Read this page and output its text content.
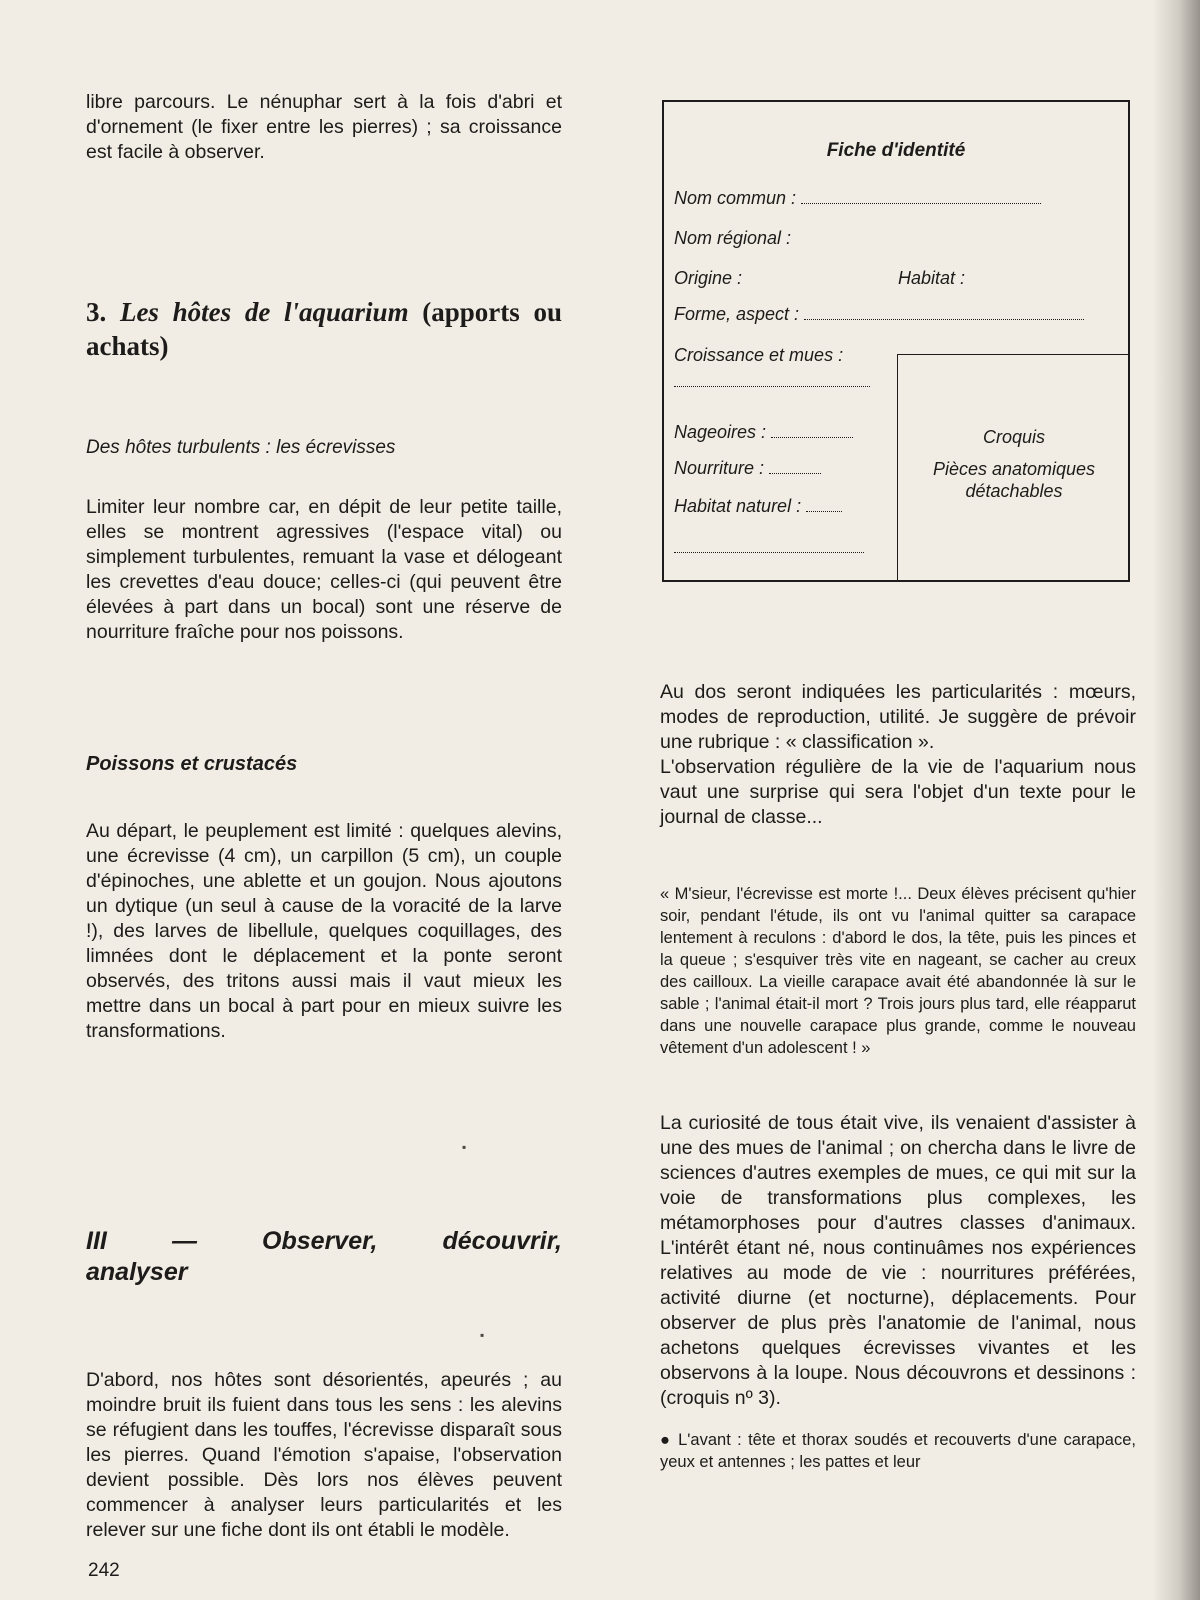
libre parcours. Le nénuphar sert à la fois d'abri et d'ornement (le fixer entre les pierres) ; sa croissance est facile à observer.

3. Les hôtes de l'aquarium (apports ou achats)

Des hôtes turbulents : les écrevisses

Limiter leur nombre car, en dépit de leur petite taille, elles se montrent agressives (l'espace vital) ou simplement turbulentes, remuant la vase et délogeant les crevettes d'eau douce; celles-ci (qui peuvent être élevées à part dans un bocal) sont une réserve de nourriture fraîche pour nos poissons.

Poissons et crustacés

Au départ, le peuplement est limité : quelques alevins, une écrevisse (4 cm), un carpillon (5 cm), un couple d'épinoches, une ablette et un goujon. Nous ajoutons un dytique (un seul à cause de la voracité de la larve !), des larves de libellule, quelques coquillages, des limnées dont le déplacement et la ponte seront observés, des tritons aussi mais il vaut mieux les mettre dans un bocal à part pour en mieux suivre les transformations.

III — Observer, découvrir,

analyser

D'abord, nos hôtes sont désorientés, apeurés ; au moindre bruit ils fuient dans tous les sens : les alevins se réfugient dans les touffes, l'écrevisse disparaît sous les pierres. Quand l'émotion s'apaise, l'observation devient possible. Dès lors nos élèves peuvent commencer à analyser leurs particularités et les relever sur une fiche dont ils ont établi le modèle.

242
Fiche d'identité
Nom commun :
Nom régional :
Origine :	Habitat :
Forme, aspect :
Croissance et mues :
Nageoires :
Nourriture :
Habitat naturel :
Croquis
Pièces anatomiques
détachables

Au dos seront indiquées les particularités : mœurs, modes de reproduction, utilité. Je suggère de prévoir une rubrique : « classification ».

L'observation régulière de la vie de l'aquarium nous vaut une surprise qui sera l'objet d'un texte pour le journal de classe...

« M'sieur, l'écrevisse est morte !... Deux élèves précisent qu'hier soir, pendant l'étude, ils ont vu l'animal quitter sa carapace lentement à reculons : d'abord le dos, la tête, puis les pinces et la queue ; s'esquiver très vite en nageant, se cacher au creux des cailloux. La vieille carapace avait été abandonnée là sur le sable ; l'animal était-il mort ? Trois jours plus tard, elle réapparut dans une nouvelle carapace plus grande, comme le nouveau vêtement d'un adolescent ! »

La curiosité de tous était vive, ils venaient d'assister à une des mues de l'animal ; on chercha dans le livre de sciences d'autres exemples de mues, ce qui mit sur la voie de transformations plus complexes, les métamorphoses pour d'autres classes d'animaux. L'intérêt étant né, nous continuâmes nos expériences relatives au mode de vie : nourritures préférées, activité diurne (et nocturne), déplacements. Pour observer de plus près l'anatomie de l'animal, nous achetons quelques écrevisses vivantes et les observons à la loupe. Nous découvrons et dessinons : (croquis nº 3).

● L'avant : tête et thorax soudés et recouverts d'une carapace, yeux et antennes ; les pattes et leur

▪
▪
